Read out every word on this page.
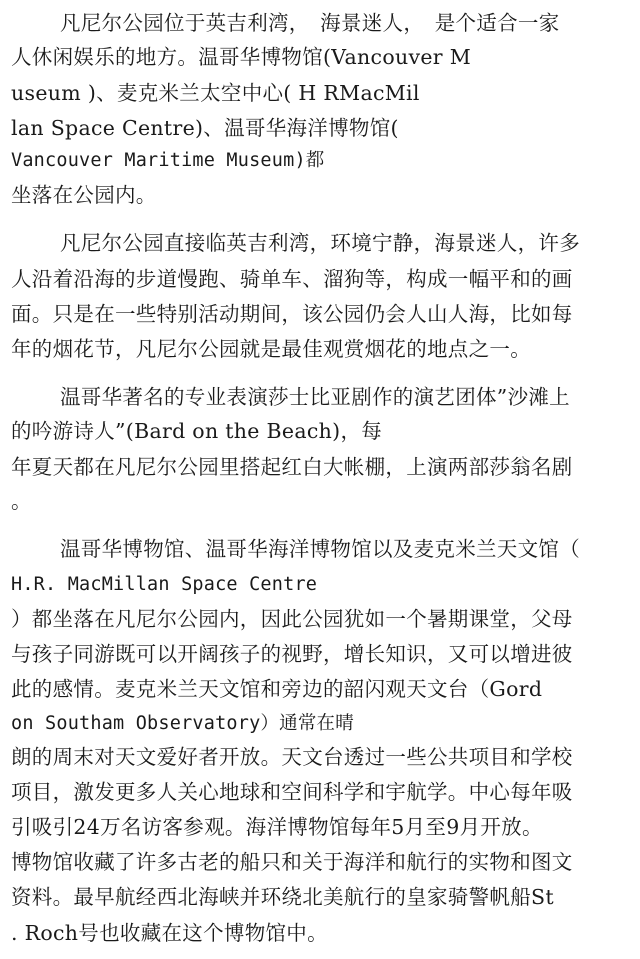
凡尼尔公园位于英吉利湾，　海景迷人，　是个适合一家
人休闲娱乐的地方。温哥华博物馆(Vancouver M
useum )、麦克米兰太空中心( H RMacMil
lan Space Centre)、温哥华海洋博物馆(
Vancouver Maritime Museum)都
坐落在公园内。
凡尼尔公园直接临英吉利湾，环境宁静，海景迷人，许多
人沿着沿海的步道慢跑、骑单车、溜狗等，构成一幅平和的画
面。只是在一些特别活动期间，该公园仍会人山人海，比如每
年的烟花节，凡尼尔公园就是最佳观赏烟花的地点之一。
温哥华著名的专业表演莎士比亚剧作的演艺团体”沙滩上
的吟游诗人”(Bard on the Beach)，每
年夏天都在凡尼尔公园里搭起红白大帐棚，上演两部莎翁名剧
。
温哥华博物馆、温哥华海洋博物馆以及麦克米兰天文馆（
H.R. MacMillan Space Centre
）都坐落在凡尼尔公园内，因此公园犹如一个暑期课堂，父母
与孩子同游既可以开阔孩子的视野，增长知识，又可以增进彼
此的感情。麦克米兰天文馆和旁边的韶闪观天文台（Gord
on Southam Observatory）通常在晴
朗的周末对天文爱好者开放。天文台透过一些公共项目和学校
项目，激发更多人关心地球和空间科学和宇航学。中心每年吸
引吸引24万名访客参观。海洋博物馆每年5月至9月开放。
博物馆收藏了许多古老的船只和关于海洋和航行的实物和图文
资料。最早航经西北海峡并环绕北美航行的皇家骑警帆船St
. Roch号也收藏在这个博物馆中。
